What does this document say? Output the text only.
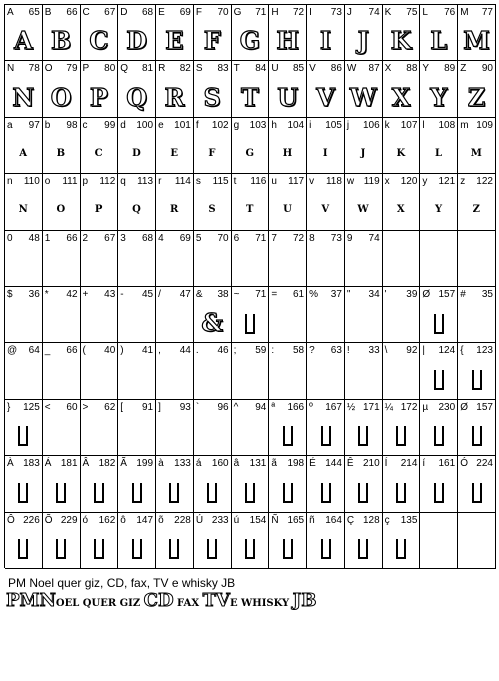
A 65
A
B 66
B
C 67
C
D 68
D
E 69
E
F 70
F
G 71
G
H 72
H
I 73
I
J 74
J
K 75
K
L 76
L
M 77
M
N 78
N
O 79
O
P 80
P
Q 81
Q
R 82
R
S 83
S
T 84
T
U 85
U
V 86
V
W 87
W
X 88
X
Y 89
Y
Z 90
Z
a 97
A
b 98
B
c 99
C
d 100
D
e 101
E
f 102
F
g 103
G
h 104
H
i 105
I
j 106
J
k 107
K
l 108
L
m 109
M
n 110
N
o 111
O
p 112
P
q 113
Q
r 114
R
s 115
S
t 116
T
u 117
U
v 118
V
w 119
W
x 120
X
y 121
Y
z 122
Z
0 48 1 66 2 67 3 68 4 69 5 70 6 71 7 72 8 73 9 74
$ 36 * 42 + 43 - 45 / 47 & 38
&
~ 71 = 61 % 37 " 34 ' 39 Ø 157 # 35
@ 64 _ 66 ( 40 ) 41 , 44 . 46 ; 59 : 58 ? 63 ! 33 \ 92 | 124 { 123
} 125 < 60 > 62 [ 91 ] 93 ` 96 ^ 94 ª 166 º 167 ½ 171 ¼ 172 µ 230 Ø 157
À 183 Á 181 Â 182 Ã 199 à 133 á 160 â 131 ã 198 É 144 Ê 210 Í 214 í 161 Ó 224
Ô 226 Õ 229 ó 162 ô 147 õ 228 Ú 233 ú 154 Ñ 165 ñ 164 Ç 128 ç 135
PM Noel quer giz, CD, fax, TV e whisky JB
PMNOEL QUER GIZ CD FAX TVE WHISKY JB
